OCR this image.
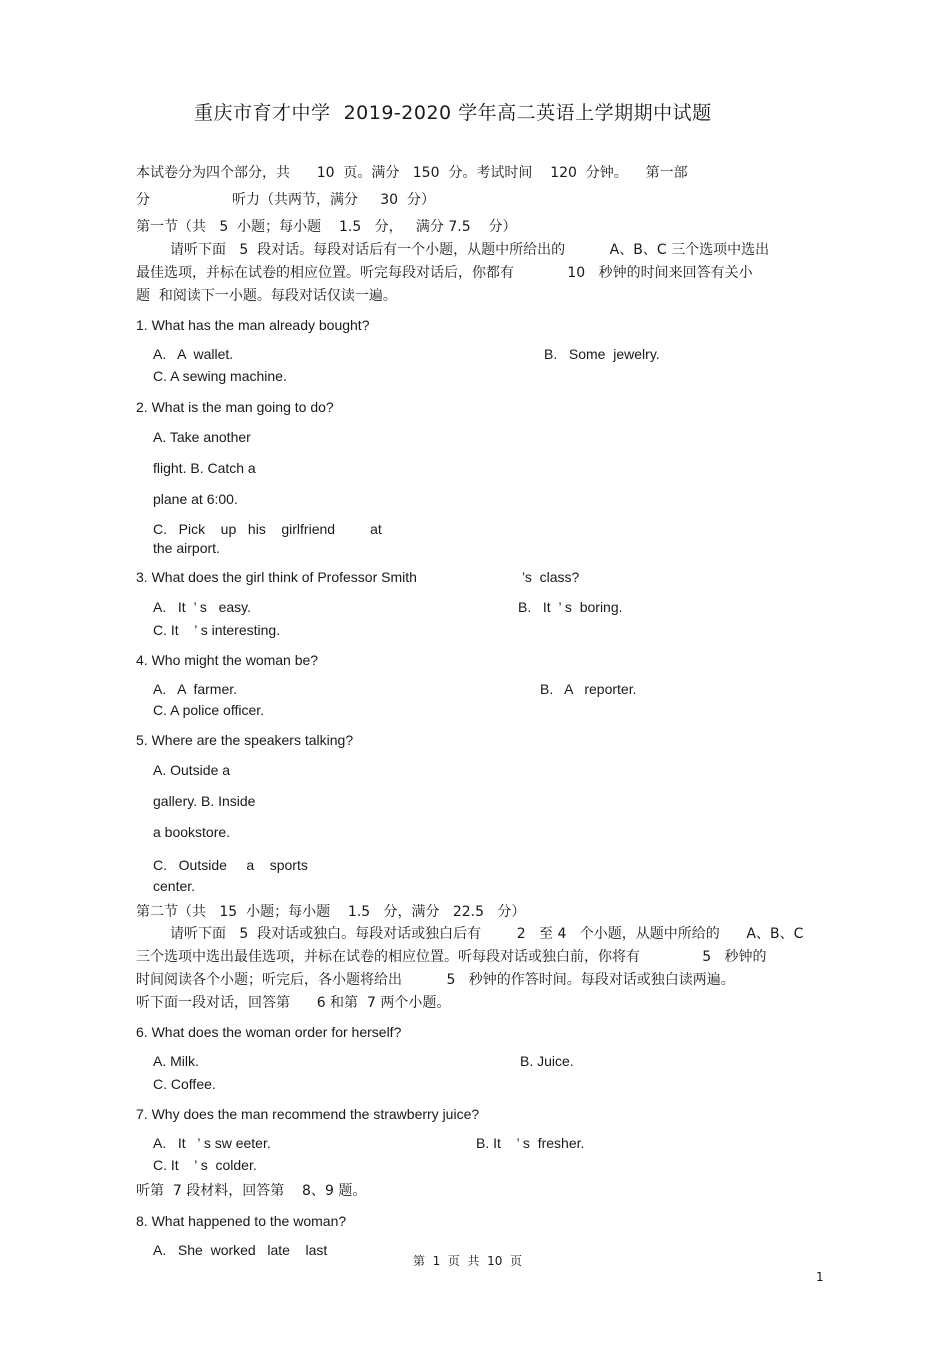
重庆市育才中学  2019-2020 学年高二英语上学期期中试题
本试卷分为四个部分，共      10  页。满分   150  分。考试时间    120  分钟。    第一部
分	听力（共两节，满分     30  分）
第一节（共   5  小题；每小题    1.5   分，   满分 7.5    分）
请听下面   5  段对话。每段对话后有一个小题，从题中所给出的          A、B、C 三个选项中选出
最佳选项，并标在试卷的相应位置。听完每段对话后，你都有            10   秒钟的时间来回答有关小
题  和阅读下一小题。每段对话仅读一遍。
1. What has the man already bought?
A.   A  wallet.	B.   Some  jewelry.
C. A sewing machine.
2. What is the man going to do?
A. Take another
flight. B. Catch a
plane at 6:00.
C.   Pick    up   his    girlfriend         at
the airport.
3. What does the girl think of Professor Smith	’s  class?
A.   It  ’ s   easy.	B.   It  ’ s  boring.
C. It    ’ s interesting.
4. Who might the woman be?
A.   A  farmer.	B.   A   reporter.
C. A police officer.
5. Where are the speakers talking?
A. Outside a
gallery. B. Inside
a bookstore.
C.   Outside     a    sports
center.
第二节（共   15  小题；每小题    1.5   分，满分   22.5   分）
请听下面   5  段对话或独白。每段对话或独白后有        2   至 4   个小题，从题中所给的      A、B、C
三个选项中选出最佳选项，并标在试卷的相应位置。听每段对话或独白前，你将有              5   秒钟的
时间阅读各个小题；听完后，各小题将给出          5   秒钟的作答时间。每段对话或独白读两遍。
听下面一段对话，回答第      6 和第  7 两个小题。
6. What does the woman order for herself?
A. Milk.	B. Juice.
C. Coffee.
7. Why does the man recommend the strawberry juice?
A.   It   ’ s sw eeter.	B. It    ’ s  fresher.
C. It    ’ s  colder.
听第  7 段材料，回答第    8、9 题。
8. What happened to the woman?
A.   She  worked   late    last
第  1  页  共  10  页
1
